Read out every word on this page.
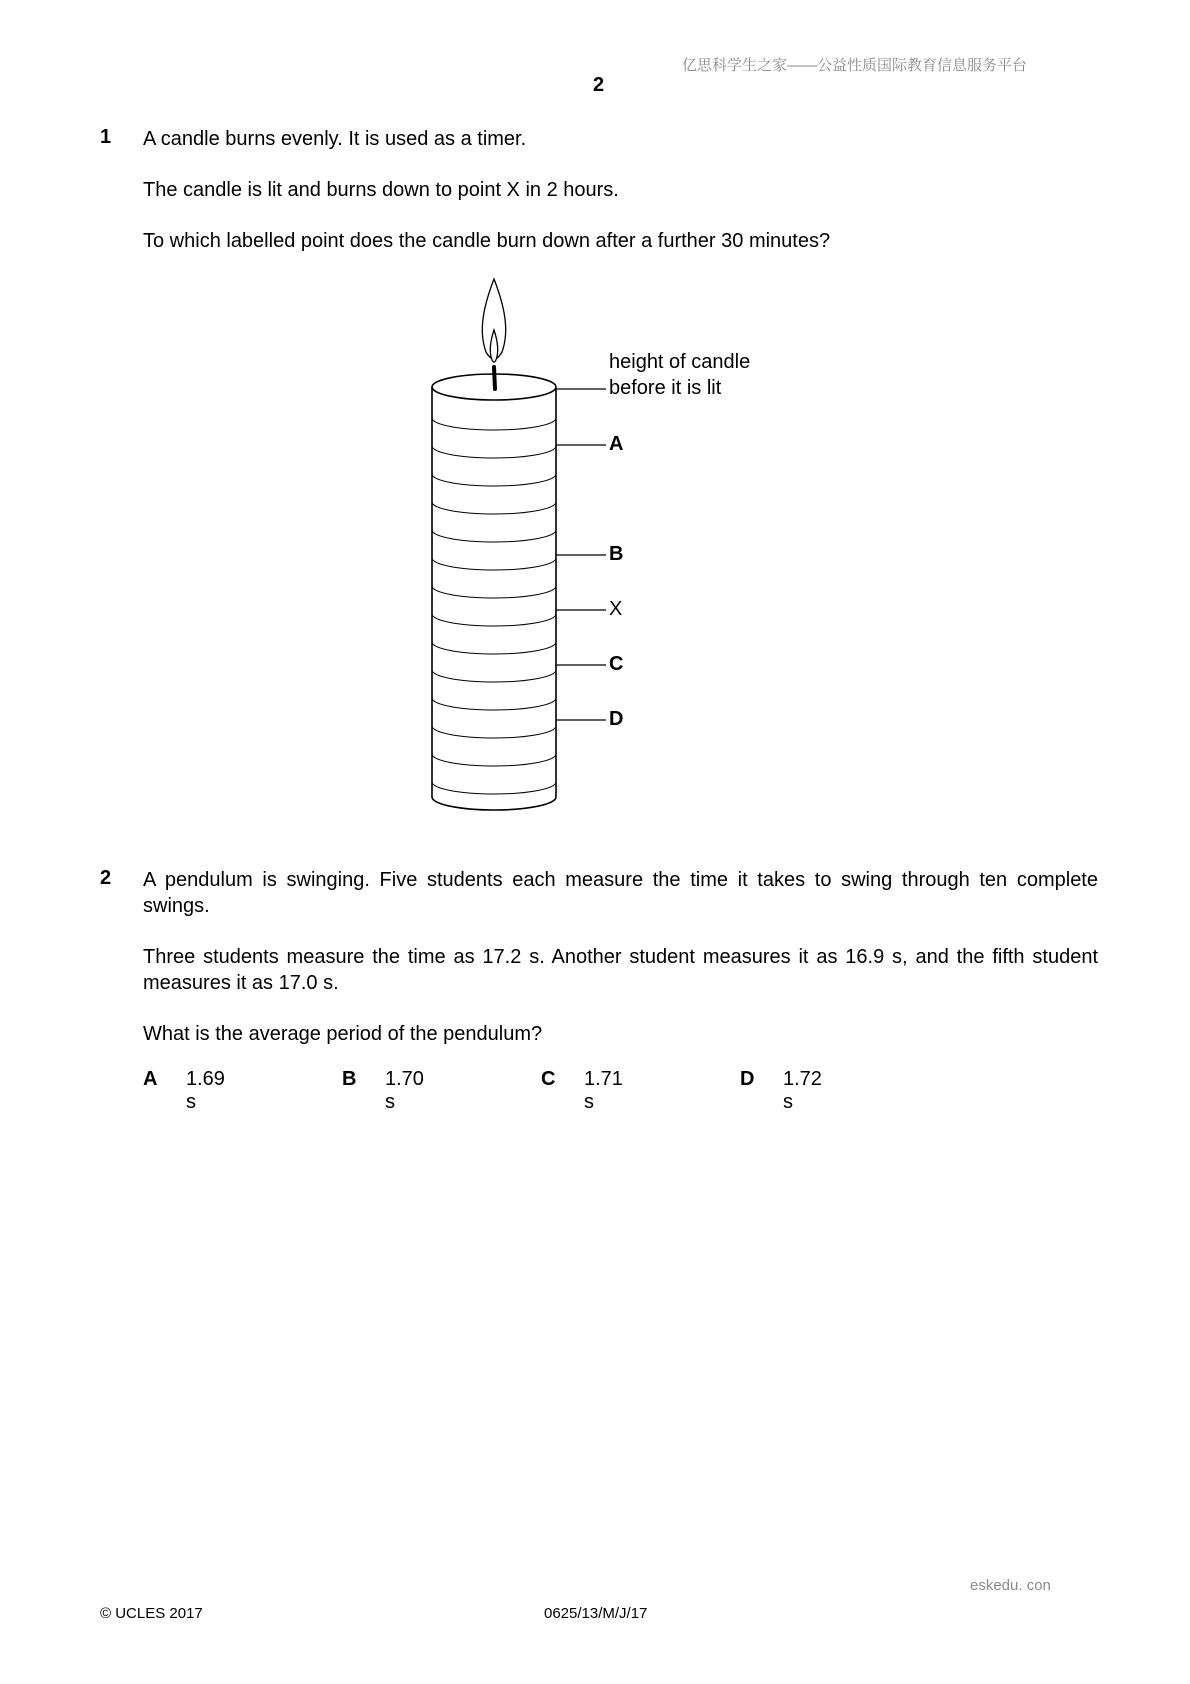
亿思科学生之家——公益性质国际教育信息服务平台
2
1 A candle burns evenly. It is used as a timer.
The candle is lit and burns down to point X in 2 hours.
To which labelled point does the candle burn down after a further 30 minutes?
height of candle
before it is lit
A
B
X
C
D
2 A pendulum is swinging. Five students each measure the time it takes to swing through ten complete swings.
Three students measure the time as 17.2 s. Another student measures it as 16.9 s, and the fifth student measures it as 17.0 s.
What is the average period of the pendulum?
A 1.69 s
B 1.70 s
C 1.71 s
D 1.72 s
eskedu. con
© UCLES 2017	0625/13/M/J/17
